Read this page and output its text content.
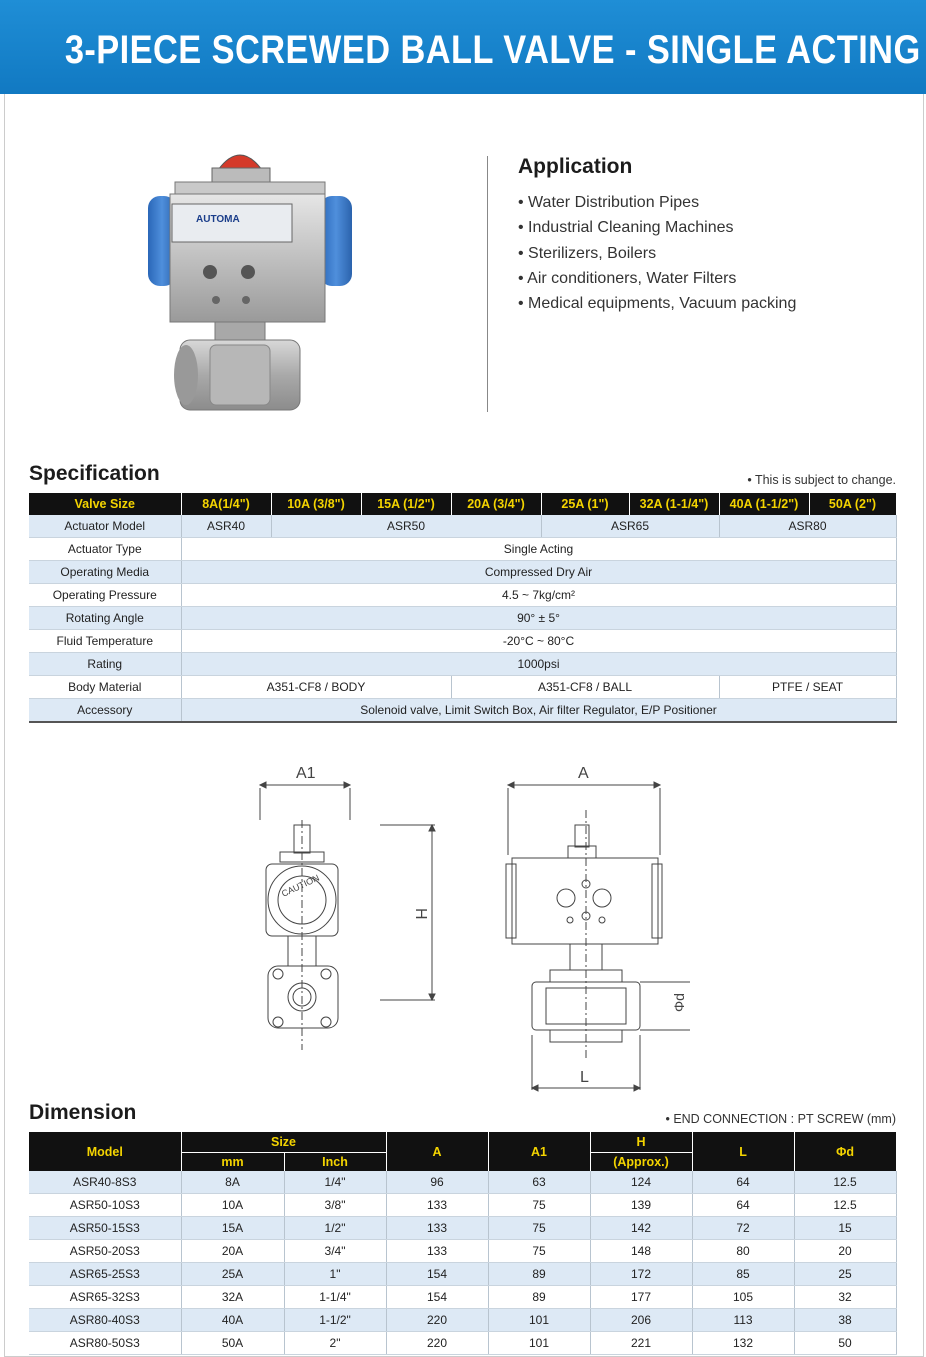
3-PIECE SCREWED BALL VALVE - SINGLE ACTING
AUTOMA
Application
• Water Distribution Pipes
• Industrial Cleaning Machines
• Sterilizers, Boilers
• Air conditioners, Water Filters
• Medical equipments, Vacuum packing
Specification	• This is subject to change.
Valve Size	8A(1/4")	10A (3/8")	15A (1/2")	20A (3/4")	25A (1")	32A (1-1/4")	40A (1-1/2")	50A (2")
Actuator Model	ASR40	ASR50			ASR65		ASR80	
Actuator Type	Single Acting							
Operating Media	Compressed Dry Air							
Operating Pressure	4.5 ~ 7kg/cm²							
Rotating Angle	90° ± 5°							
Fluid Temperature	-20°C ~ 80°C							
Rating	1000psi							
Body Material	A351-CF8 / BODY			A351-CF8 / BALL			PTFE / SEAT	
Accessory	Solenoid valve, Limit Switch Box, Air filter Regulator, E/P Positioner							
A1	A
H
Φd
L
CAUTION
Dimension	• END CONNECTION : PT SCREW (mm)
Model	Size		A	A1	H	L	Φd
	mm	Inch			(Approx.)		
ASR40-8S3	8A	1/4"	96	63	124	64	12.5
ASR50-10S3	10A	3/8"	133	75	139	64	12.5
ASR50-15S3	15A	1/2"	133	75	142	72	15
ASR50-20S3	20A	3/4"	133	75	148	80	20
ASR65-25S3	25A	1"	154	89	172	85	25
ASR65-32S3	32A	1-1/4"	154	89	177	105	32
ASR80-40S3	40A	1-1/2"	220	101	206	113	38
ASR80-50S3	50A	2"	220	101	221	132	50
